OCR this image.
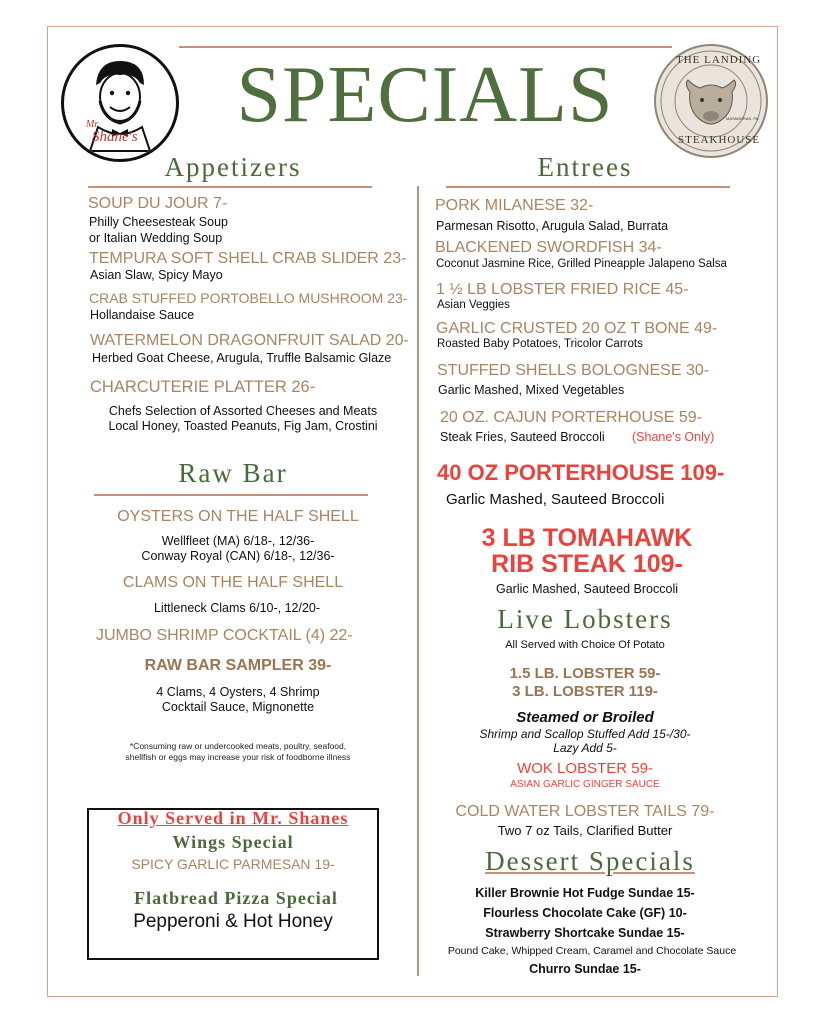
SPECIALS
Mr.
Shane's
THE LANDING
STEAKHOUSE
MATAMORAS, PA
Appetizers
SOUP DU JOUR 7-
Philly Cheesesteak Soup
or Italian Wedding Soup
TEMPURA SOFT SHELL CRAB SLIDER 23-
Asian Slaw, Spicy Mayo
CRAB STUFFED PORTOBELLO MUSHROOM 23-
Hollandaise Sauce
WATERMELON DRAGONFRUIT SALAD 20-
Herbed Goat Cheese, Arugula, Truffle Balsamic Glaze
CHARCUTERIE PLATTER 26-
Chefs Selection of Assorted Cheeses and Meats
Local Honey, Toasted Peanuts, Fig Jam, Crostini
Raw Bar
OYSTERS ON THE HALF SHELL
Wellfleet (MA) 6/18-, 12/36-
Conway Royal (CAN) 6/18-, 12/36-
CLAMS ON THE HALF SHELL
Littleneck Clams 6/10-, 12/20-
JUMBO SHRIMP COCKTAIL (4) 22-
RAW BAR SAMPLER 39-
4 Clams, 4 Oysters, 4 Shrimp
Cocktail Sauce, Mignonette
*Consuming raw or undercooked meats, poultry, seafood,
shellfish or eggs may increase your risk of foodborne illness
Only Served in Mr. Shanes
Wings Special
SPICY GARLIC PARMESAN 19-
Flatbread Pizza Special
Pepperoni & Hot Honey
Entrees
PORK MILANESE 32-
Parmesan Risotto, Arugula Salad, Burrata
BLACKENED SWORDFISH 34-
Coconut Jasmine Rice, Grilled Pineapple Jalapeno Salsa
1 ½ LB LOBSTER FRIED RICE 45-
Asian Veggies
GARLIC CRUSTED 20 OZ T BONE 49-
Roasted Baby Potatoes, Tricolor Carrots
STUFFED SHELLS BOLOGNESE 30-
Garlic Mashed, Mixed Vegetables
20 OZ. CAJUN PORTERHOUSE 59-
Steak Fries, Sauteed Broccoli (Shane's Only)
40 OZ PORTERHOUSE 109-
Garlic Mashed, Sauteed Broccoli
3 LB TOMAHAWK
RIB STEAK 109-
Garlic Mashed, Sauteed Broccoli
Live Lobsters
All Served with Choice Of Potato
1.5 LB. LOBSTER 59-
3 LB. LOBSTER 119-
Steamed or Broiled
Shrimp and Scallop Stuffed Add 15-/30-
Lazy Add 5-
WOK LOBSTER 59-
ASIAN GARLIC GINGER SAUCE
COLD WATER LOBSTER TAILS 79-
Two 7 oz Tails, Clarified Butter
Dessert Specials
Killer Brownie Hot Fudge Sundae 15-
Flourless Chocolate Cake (GF) 10-
Strawberry Shortcake Sundae 15-
Pound Cake, Whipped Cream, Caramel and Chocolate Sauce
Churro Sundae 15-
